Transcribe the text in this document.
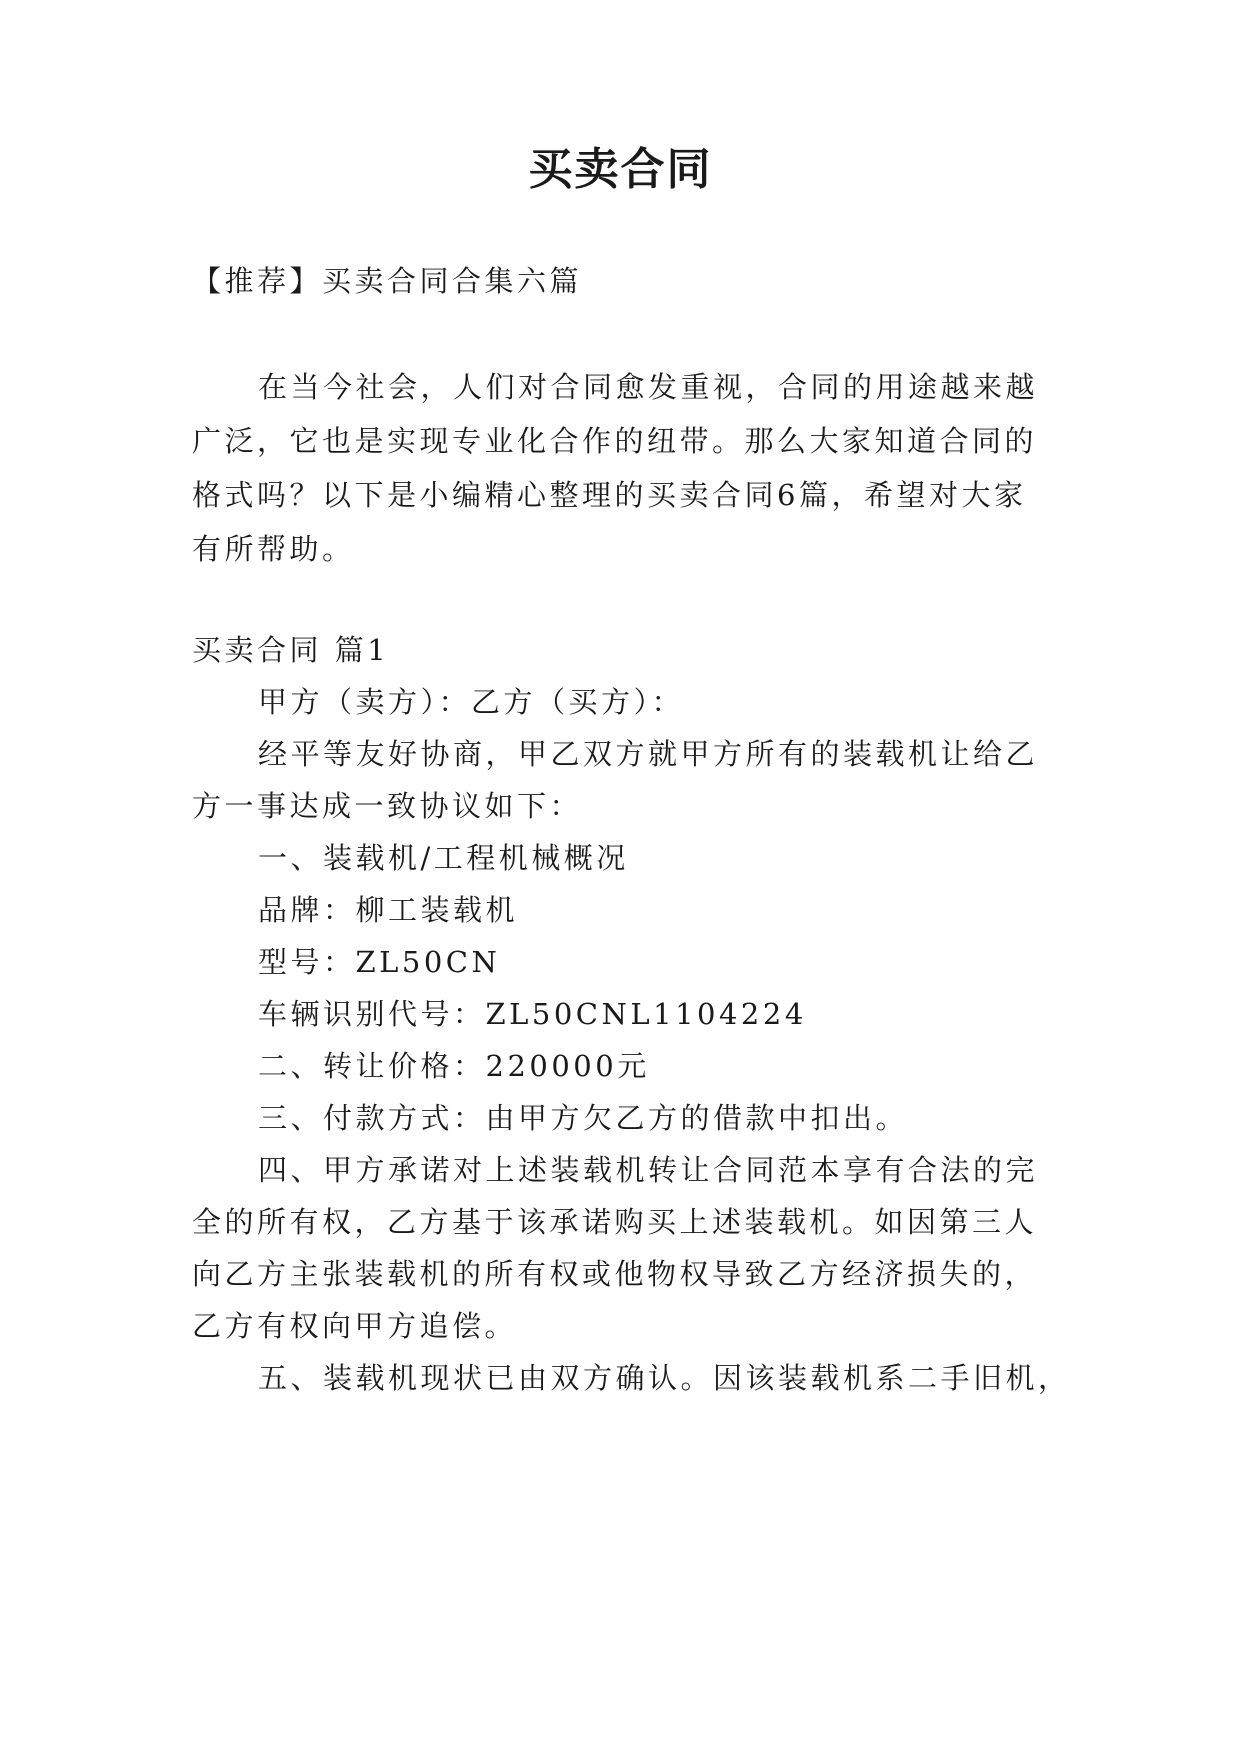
买卖合同
【推荐】买卖合同合集六篇
在当今社会，人们对合同愈发重视，合同的用途越来越
广泛，它也是实现专业化合作的纽带。那么大家知道合同的
格式吗？以下是小编精心整理的买卖合同6篇，希望对大家
有所帮助。
买卖合同 篇1
甲方（卖方）：乙方（买方）：
经平等友好协商，甲乙双方就甲方所有的装载机让给乙
方一事达成一致协议如下：
一、装载机/工程机械概况
品牌：柳工装载机
型号：ZL50CN
车辆识别代号：ZL50CNL1104224
二、转让价格：220000元
三、付款方式：由甲方欠乙方的借款中扣出。
四、甲方承诺对上述装载机转让合同范本享有合法的完
全的所有权，乙方基于该承诺购买上述装载机。如因第三人
向乙方主张装载机的所有权或他物权导致乙方经济损失的，
乙方有权向甲方追偿。
五、装载机现状已由双方确认。因该装载机系二手旧机，
